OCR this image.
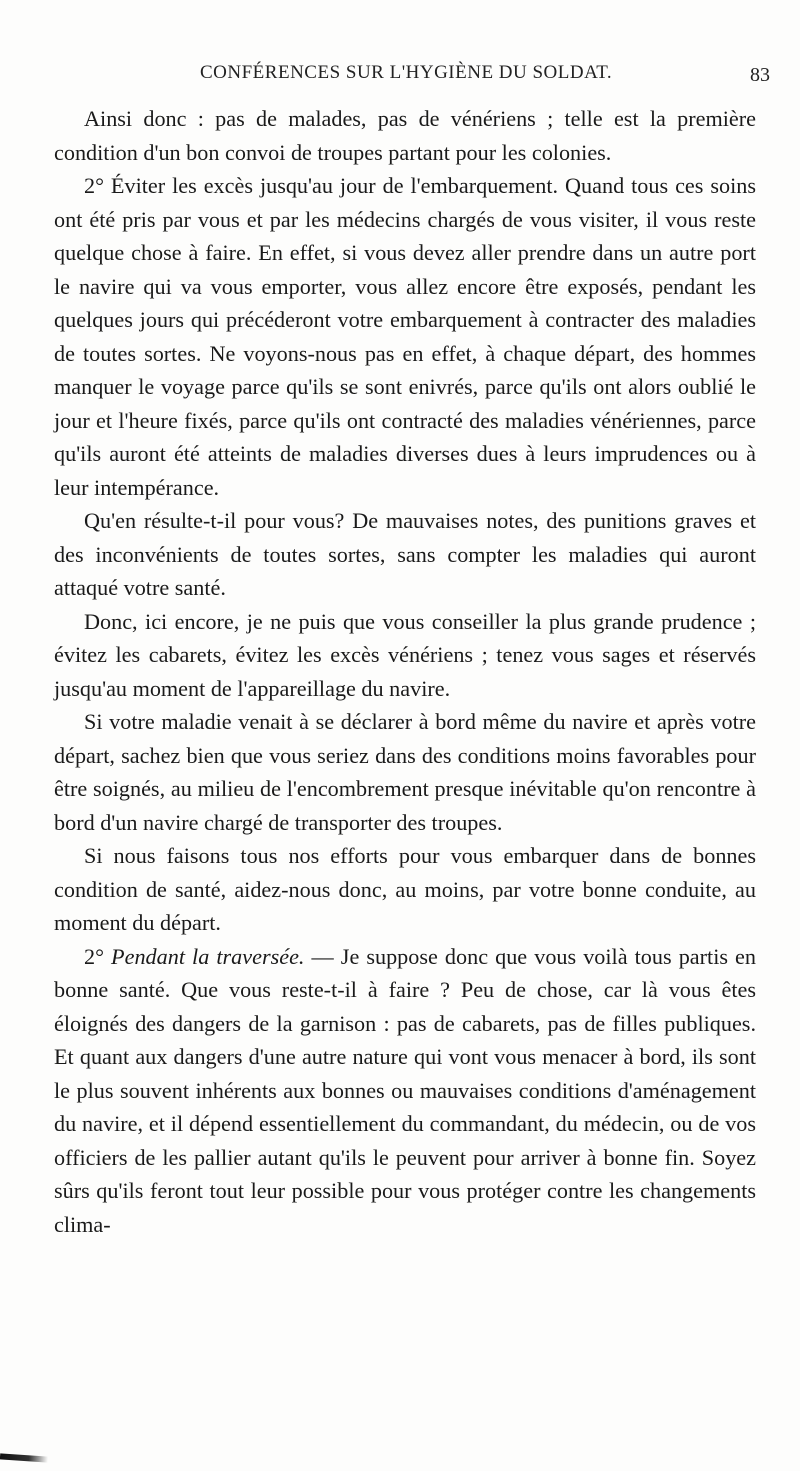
CONFÉRENCES SUR L'HYGIÈNE DU SOLDAT.	83

Ainsi donc : pas de malades, pas de vénériens ; telle est la première condition d'un bon convoi de troupes partant pour les colonies.

2° Éviter les excès jusqu'au jour de l'embarquement. Quand tous ces soins ont été pris par vous et par les médecins chargés de vous visiter, il vous reste quelque chose à faire. En effet, si vous devez aller prendre dans un autre port le navire qui va vous emporter, vous allez encore être exposés, pendant les quelques jours qui précéderont votre embarquement à contracter des maladies de toutes sortes. Ne voyons-nous pas en effet, à chaque départ, des hommes manquer le voyage parce qu'ils se sont enivrés, parce qu'ils ont alors oublié le jour et l'heure fixés, parce qu'ils ont contracté des maladies vénériennes, parce qu'ils auront été atteints de maladies diverses dues à leurs imprudences ou à leur intempérance.

Qu'en résulte-t-il pour vous? De mauvaises notes, des punitions graves et des inconvénients de toutes sortes, sans compter les maladies qui auront attaqué votre santé.

Donc, ici encore, je ne puis que vous conseiller la plus grande prudence ; évitez les cabarets, évitez les excès vénériens ; tenez vous sages et réservés jusqu'au moment de l'appareillage du navire.

Si votre maladie venait à se déclarer à bord même du navire et après votre départ, sachez bien que vous seriez dans des conditions moins favorables pour être soignés, au milieu de l'encombrement presque inévitable qu'on rencontre à bord d'un navire chargé de transporter des troupes.

Si nous faisons tous nos efforts pour vous embarquer dans de bonnes condition de santé, aidez-nous donc, au moins, par votre bonne conduite, au moment du départ.

2° Pendant la traversée. — Je suppose donc que vous voilà tous partis en bonne santé. Que vous reste-t-il à faire ? Peu de chose, car là vous êtes éloignés des dangers de la garnison : pas de cabarets, pas de filles publiques. Et quant aux dangers d'une autre nature qui vont vous menacer à bord, ils sont le plus souvent inhérents aux bonnes ou mauvaises conditions d'aménagement du navire, et il dépend essentiellement du commandant, du médecin, ou de vos officiers de les pallier autant qu'ils le peuvent pour arriver à bonne fin. Soyez sûrs qu'ils feront tout leur possible pour vous protéger contre les changements clima-
